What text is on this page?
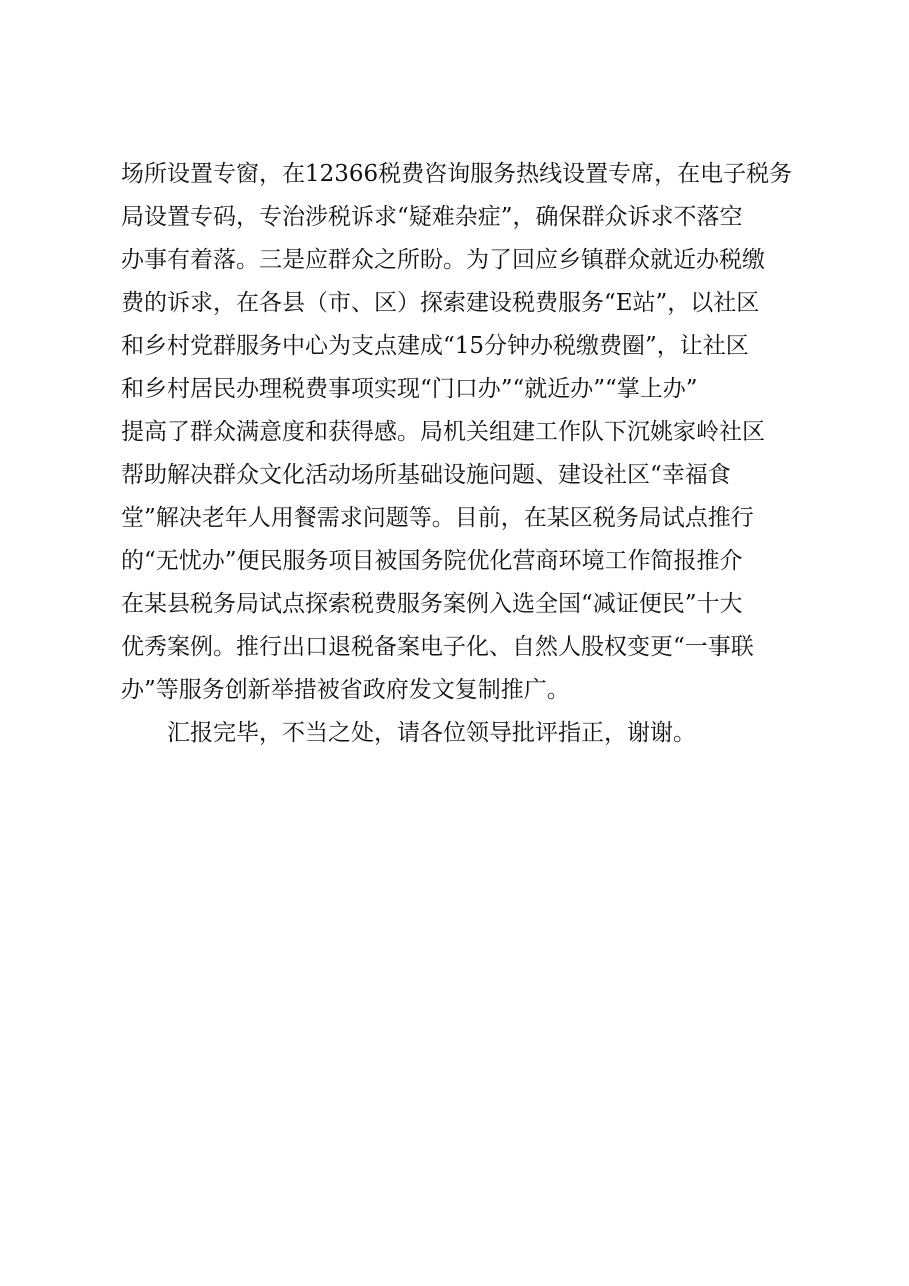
场所设置专窗，在12366税费咨询服务热线设置专席，在电子税务
局设置专码，专治涉税诉求“疑难杂症”，确保群众诉求不落空
办事有着落。三是应群众之所盼。为了回应乡镇群众就近办税缴
费的诉求，在各县（市、区）探索建设税费服务“E站”，以社区
和乡村党群服务中心为支点建成“15分钟办税缴费圈”，让社区
和乡村居民办理税费事项实现“门口办”“就近办”“掌上办”
提高了群众满意度和获得感。局机关组建工作队下沉姚家岭社区
帮助解决群众文化活动场所基础设施问题、建设社区“幸福食
堂”解决老年人用餐需求问题等。目前，在某区税务局试点推行
的“无忧办”便民服务项目被国务院优化营商环境工作简报推介
在某县税务局试点探索税费服务案例入选全国“减证便民”十大
优秀案例。推行出口退税备案电子化、自然人股权变更“一事联
办”等服务创新举措被省政府发文复制推广。
汇报完毕，不当之处，请各位领导批评指正，谢谢。
